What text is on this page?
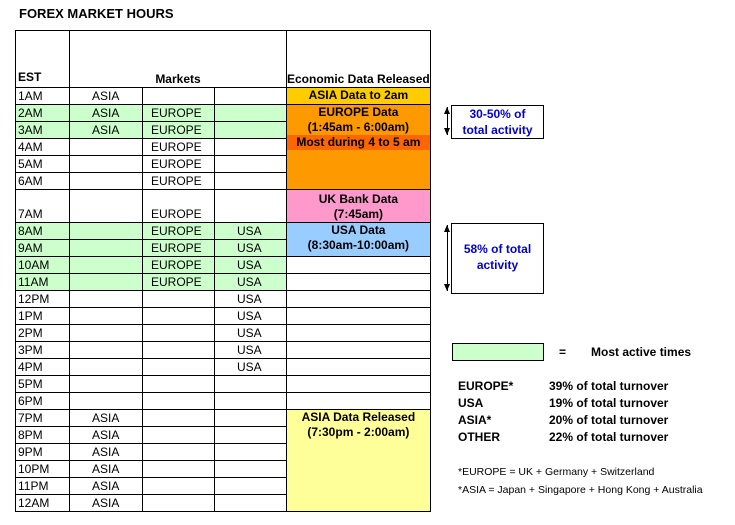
FOREX MARKET HOURS
EST	Markets			Economic Data Released
1AM	ASIA			ASIA Data to 2am

2AM	ASIA	EUROPE		EUROPE Data
(1:45am - 6:00am)
Most during 4 to 5 am

3AM	ASIA	EUROPE		
4AM		EUROPE		
5AM		EUROPE		
6AM		EUROPE		
7AM		EUROPE		UK Bank Data
(7:45am)

8AM		EUROPE	USA	USA Data
(8:30am-10:00am)

9AM		EUROPE	USA	
10AM		EUROPE	USA	
11AM		EUROPE	USA	
12PM			USA	
1PM			USA	
2PM			USA	
3PM			USA	
4PM			USA	
5PM				
6PM				
7PM	ASIA			ASIA Data Released
(7:30pm - 2:00am)

8PM	ASIA			
9PM	ASIA			
10PM	ASIA			
11PM	ASIA			
12AM	ASIA			
30-50% of
total activity
58% of total
activity
= Most active times
EUROPE*	39% of total turnover
USA	19% of total turnover
ASIA*	20% of total turnover
OTHER	22% of total turnover
*EUROPE = UK + Germany + Switzerland
*ASIA = Japan + Singapore + Hong Kong + Australia
